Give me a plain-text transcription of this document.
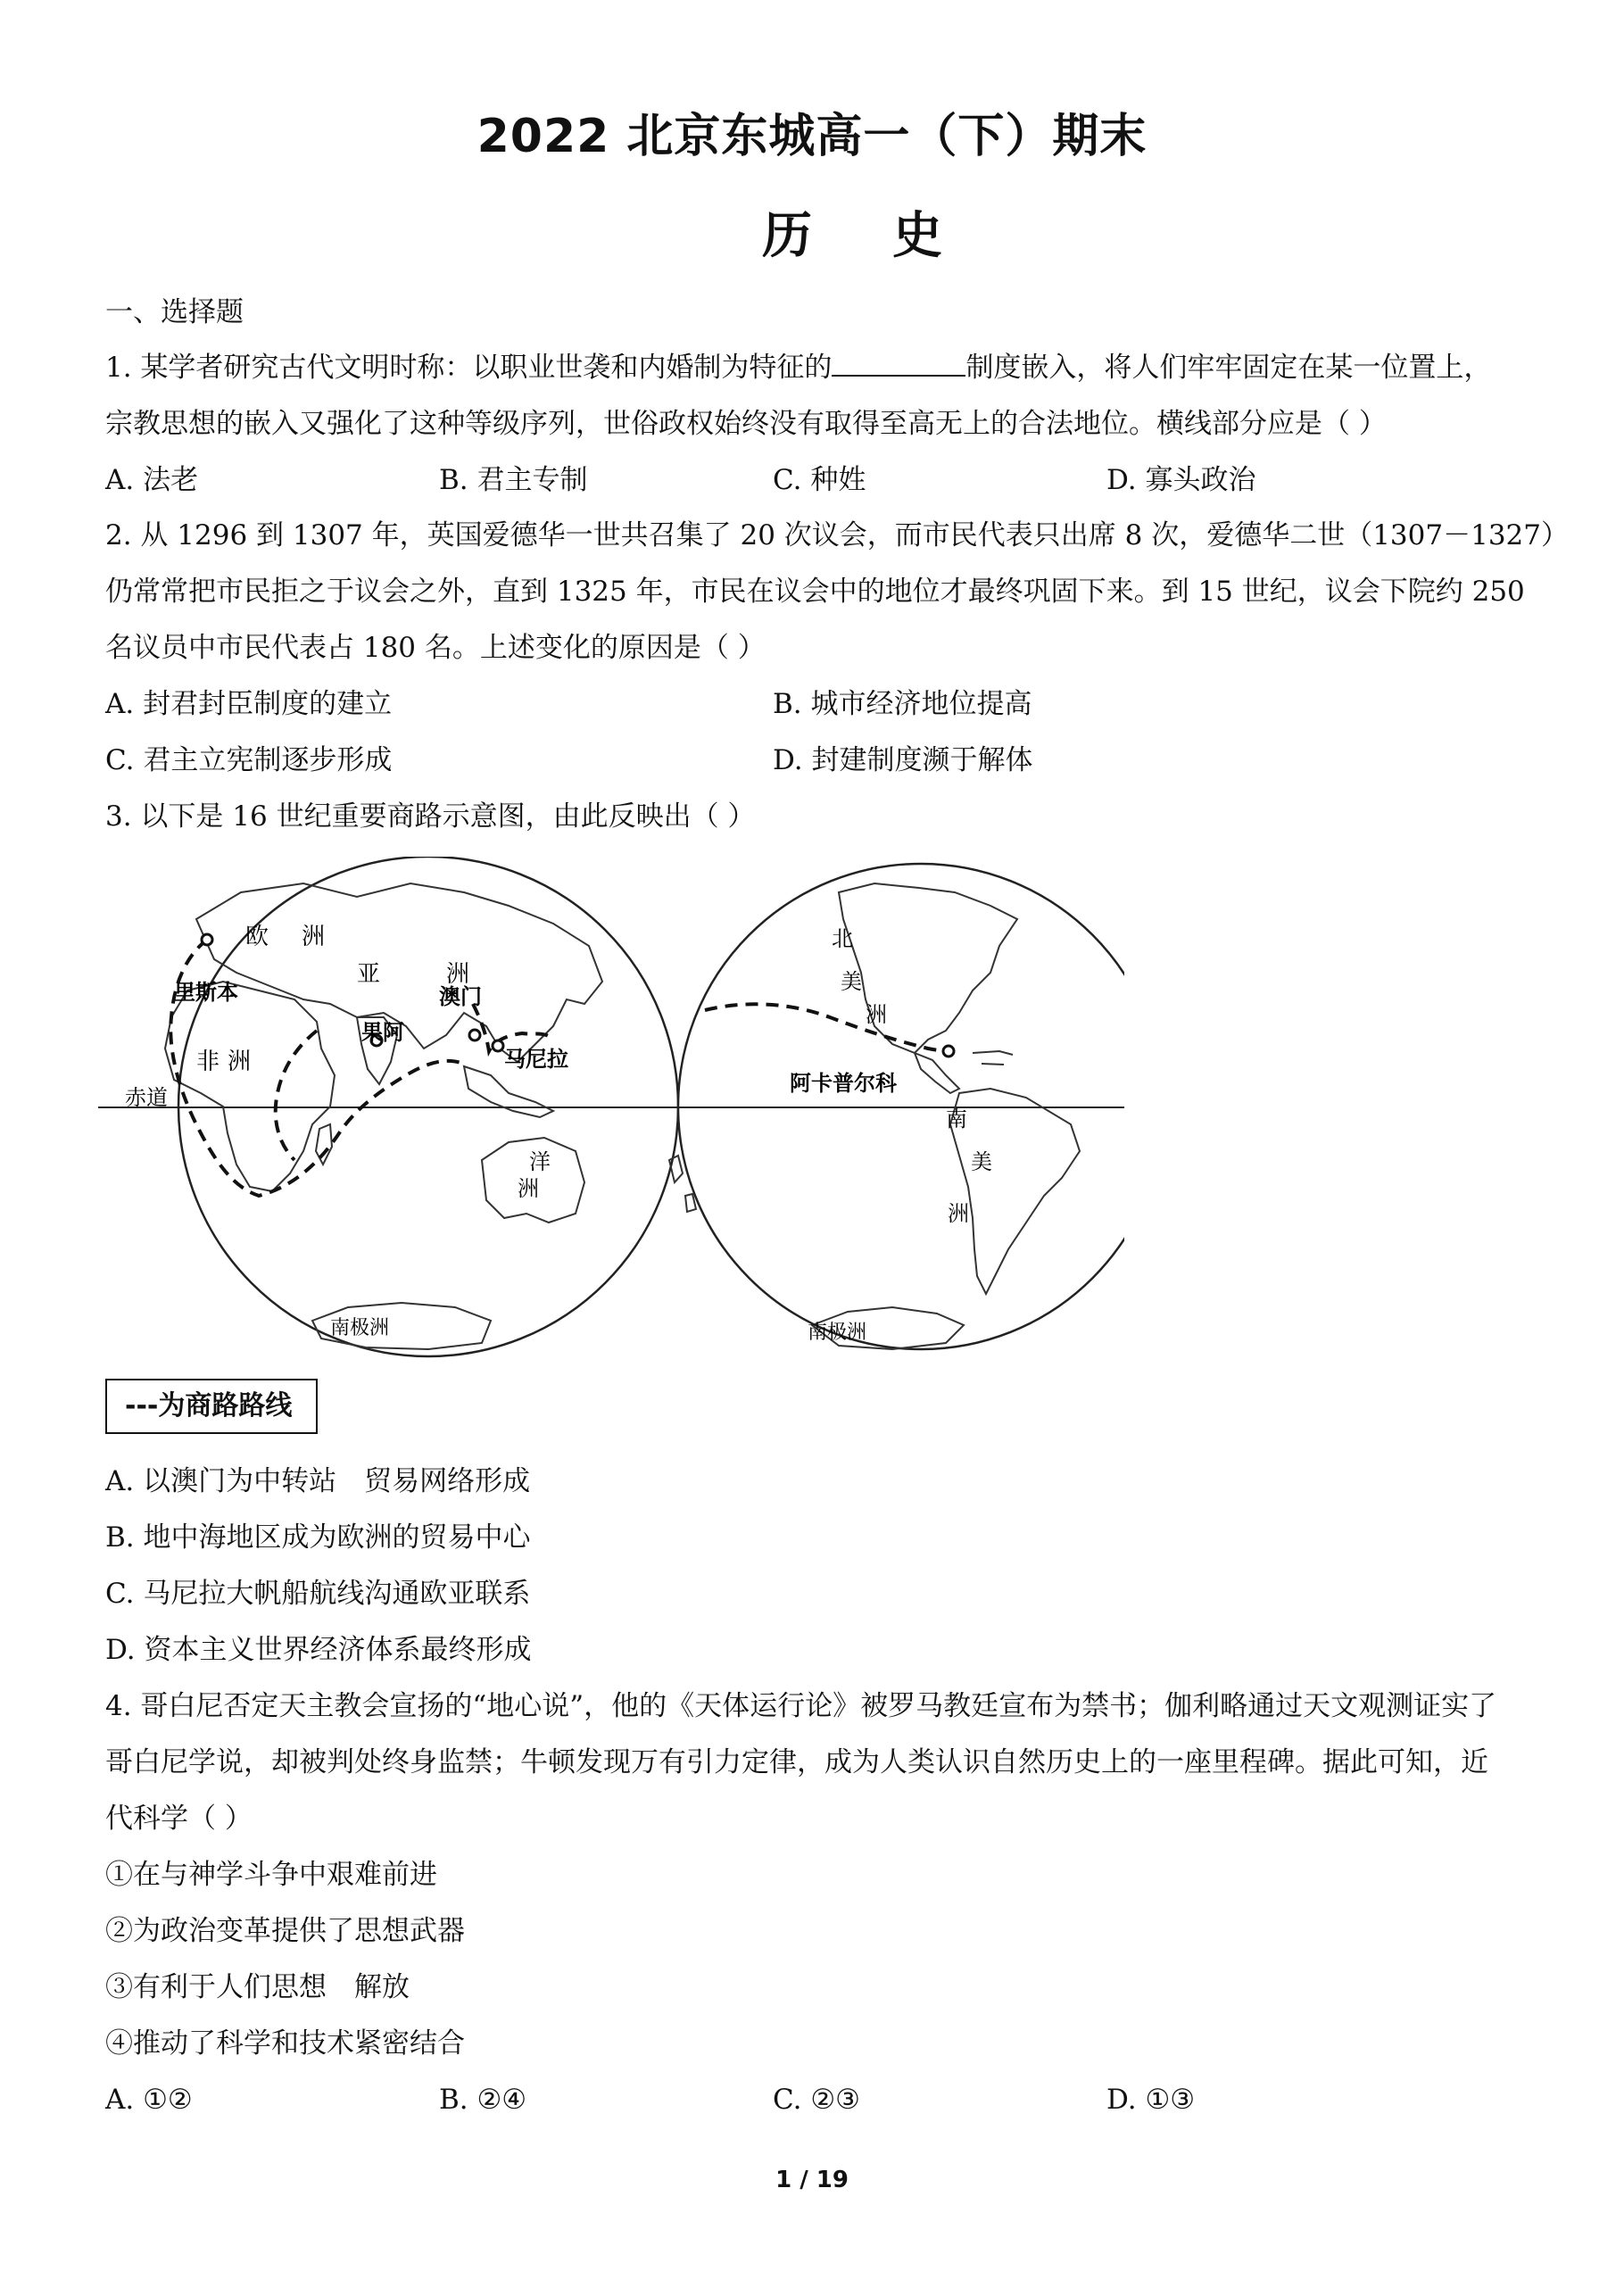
2022 北京东城高一（下）期末
历史
一、选择题
1. 某学者研究古代文明时称：以职业世袭和内婚制为特征的	制度嵌入，将人们牢牢固定在某一位置上，
宗教思想的嵌入又强化了这种等级序列，世俗政权始终没有取得至高无上的合法地位。横线部分应是（ ）
A. 法老	B. 君主专制	C. 种姓	D. 寡头政治
2. 从 1296 到 1307 年，英国爱德华一世共召集了 20 次议会，而市民代表只出席 8 次，爱德华二世（1307－1327）
仍常常把市民拒之于议会之外，直到 1325 年，市民在议会中的地位才最终巩固下来。到 15 世纪，议会下院约 250
名议员中市民代表占 180 名。上述变化的原因是（ ）
A. 封君封臣制度的建立	B. 城市经济地位提高
C. 君主立宪制逐步形成	D. 封建制度濒于解体
3. 以下是 16 世纪重要商路示意图，由此反映出（ ）
欧 洲
亚	洲
非 洲
里斯本
果阿
澳门
马尼拉
赤道
洋
洲
南极洲
北
美
洲
阿卡普尔科
南
美
洲
南极洲
---为商路路线
A. 以澳门为中转站　贸易网络形成
B. 地中海地区成为欧洲的贸易中心
C. 马尼拉大帆船航线沟通欧亚联系
D. 资本主义世界经济体系最终形成
4. 哥白尼否定天主教会宣扬的“地心说”，他的《天体运行论》被罗马教廷宣布为禁书；伽利略通过天文观测证实了
哥白尼学说，却被判处终身监禁；牛顿发现万有引力定律，成为人类认识自然历史上的一座里程碑。据此可知，近
代科学（ ）
①在与神学斗争中艰难前进
②为政治变革提供了思想武器
③有利于人们思想　解放
④推动了科学和技术紧密结合
A. ①②	B. ②④	C. ②③	D. ①③
1 / 19
